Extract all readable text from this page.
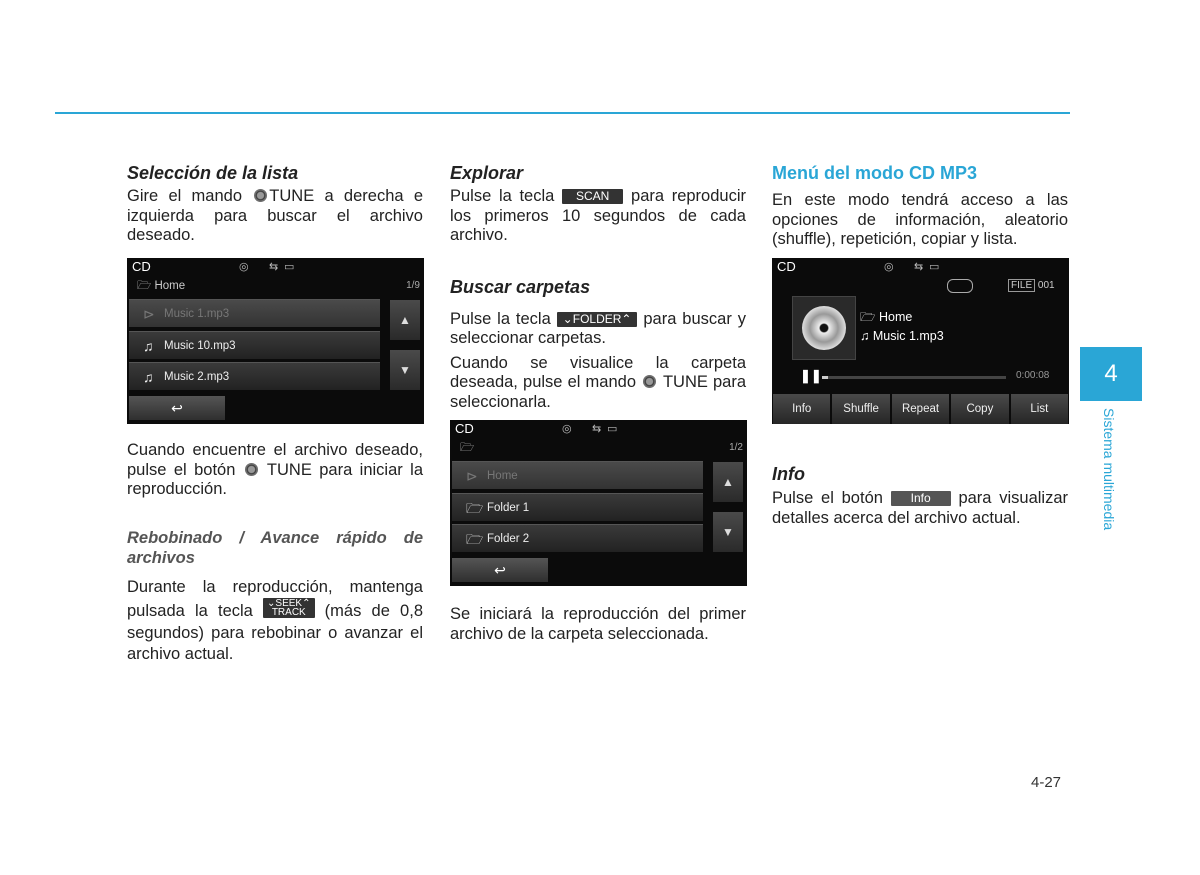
Selección de la lista

Gire el mando TUNE a derecha e izquierda para buscar el archivo deseado.

CD	◎ ⇆ ▭
🗁 Home	1/9
⊳ Music 1.mp3
♫ Music 10.mp3
♫ Music 2.mp3
▲
▼
↩

Cuando encuentre el archivo deseado, pulse el botón  TUNE para iniciar la reproducción.

Rebobinado / Avance rápido de archivos

Durante la reproducción, mantenga pulsada la tecla ⌄SEEK⌃
TRACK (más de 0,8 segundos) para rebobinar o avanzar el archivo actual.

Explorar

Pulse la tecla SCAN para reproducir los primeros 10 segundos de cada archivo.

Buscar carpetas

Pulse la tecla ⌄FOLDER⌃ para buscar y seleccionar carpetas.

Cuando se visualice la carpeta deseada, pulse el mando  TUNE para seleccionarla.

CD	◎ ⇆ ▭
🗁	1/2
⊳ Home
🗁 Folder 1
🗁 Folder 2
▲
▼
↩

Se iniciará la reproducción del primer archivo de la carpeta seleccionada.

Menú del modo CD MP3

En este modo tendrá acceso a las opciones de información, aleatorio (shuffle), repetición, copiar y lista.

CD	◎ ⇆ ▭
FILE 001
🗁 Home
♫ Music 1.mp3
❚❚	0:00:08
Info	Shuffle	Repeat	Copy	List

Info

Pulse el botón Info para visualizar detalles acerca del archivo actual.

4
Sistema multimedia
4-27
